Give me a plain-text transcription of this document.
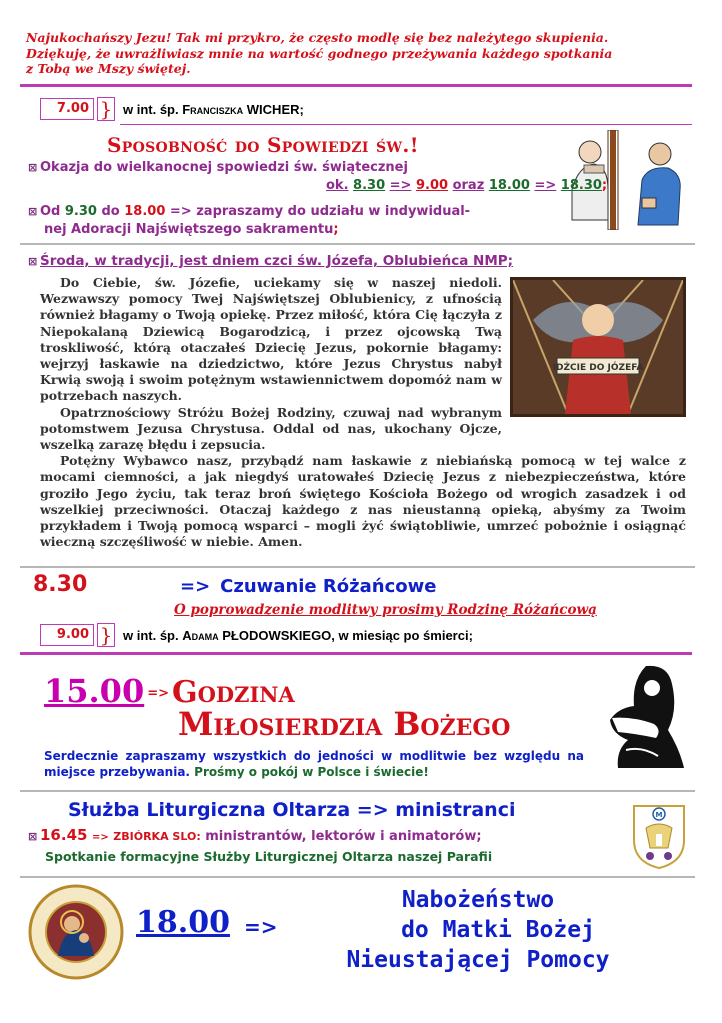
Najukochańszy Jezu! Tak mi przykro, że często modlę się bez należytego skupienia.
Dziękuję, że uwrażliwiasz mnie na wartość godnego przeżywania każdego spotkania
z Tobą we Mszy świętej.
7.00 } w int. śp. Franciszka WICHER;
Sposobność do Spowiedzi św.!
⊠ Okazja do wielkanocnej spowiedzi św. świątecznej
ok. 8.30 => 9.00 oraz 18.00 => 18.30;
⊠ Od 9.30 do 18.00 => zapraszamy do udziału w indywidual-
nej Adoracji Najświętszego sakramentu;
⊠ Środa, w tradycji, jest dniem czci św. Józefa, Oblubieńca NMP;
IDŹCIE DO JÓZEFA

Do Ciebie, św. Józefie, uciekamy się w naszej niedoli. Wezwawszy pomocy Twej Najświętszej Oblubienicy, z ufnością również błagamy o Twoją opiekę. Przez miłość, która Cię łączyła z Niepokalaną Dziewicą Bogarodzicą, i przez ojcowską Twą troskliwość, którą otaczałeś Dziecię Jezus, pokornie błagamy: wejrzyj łaskawie na dziedzictwo, które Jezus Chrystus nabył Krwią swoją i swoim potężnym wstawiennictwem dopomóż nam w potrzebach naszych.

Opatrznościowy Stróżu Bożej Rodziny, czuwaj nad wybranym potomstwem Jezusa Chrystusa. Oddal od nas, ukochany Ojcze, wszelką zarazę błędu i zepsucia.

Potężny Wybawco nasz, przybądź nam łaskawie z niebiańską pomocą w tej walce z mocami ciemności, a jak niegdyś uratowałeś Dziecię Jezus z niebezpieczeństwa, które groziło Jego życiu, tak teraz broń świętego Kościoła Bożego od wrogich zasadzek i od wszelkiej przeciwności. Otaczaj każdego z nas nieustanną opieką, abyśmy za Twoim przykładem i Twoją pomocą wsparci – mogli żyć świątobliwie, umrzeć pobożnie i osiągnąć wieczną szczęśliwość w niebie. Amen.

8.30	=> Czuwanie Różańcowe
O poprowadzenie modlitwy prosimy Rodzinę Różańcową
9.00 } w int. śp. Adama PŁODOWSKIEGO, w miesiąc po śmierci;
15.00 => Godzina
Miłosierdzia Bożego
Serdecznie zapraszamy wszystkich do jedności w modlitwie bez względu na miejsce przebywania. Prośmy o pokój w Polsce i świecie!
Służba Liturgiczna Oltarza => ministranci
⊠ 16.45 => ZBIÓRKA SLO: ministrantów, lektorów i animatorów;
Spotkanie formacyjne Służby Liturgicznej Oltarza naszej Parafii
M
18.00 =>
Nabożeństwo
do Matki Bożej
Nieustającej Pomocy
